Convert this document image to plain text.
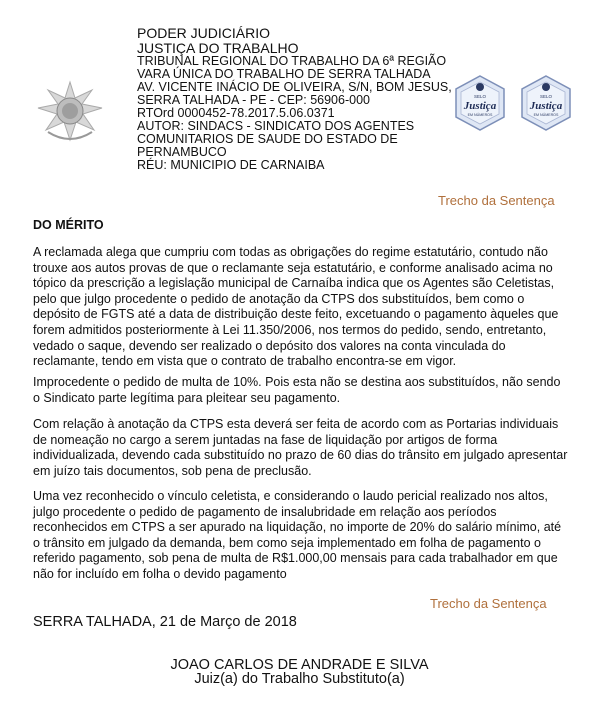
PODER JUDICIÁRIO
JUSTIÇA DO TRABALHO
TRIBUNAL REGIONAL DO TRABALHO DA 6ª REGIÃO
VARA ÚNICA DO TRABALHO DE SERRA TALHADA
AV. VICENTE INÁCIO DE OLIVEIRA, S/N, BOM JESUS,
SERRA TALHADA - PE - CEP: 56906-000
RTOrd 0000452-78.2017.5.06.0371
AUTOR: SINDACS - SINDICATO DOS AGENTES
COMUNITARIOS DE SAUDE DO ESTADO DE
PERNAMBUCO
RÉU: MUNICIPIO DE CARNAIBA
SELO
Justiça
EM NÚMEROS
SELO
Justiça
EM NÚMEROS
Trecho da Sentença
DO MÉRITO
A reclamada alega que cumpriu com todas as obrigações do regime estatutário, contudo não trouxe aos autos provas de que o reclamante seja estatutário, e conforme analisado acima no tópico da prescrição a legislação municipal de Carnaíba indica que os Agentes são Celetistas, pelo que julgo procedente o pedido de anotação da CTPS dos substituídos, bem como o depósito de FGTS até a data de distribuição deste feito, excetuando o pagamento àqueles que forem admitidos posteriormente à Lei 11.350/2006, nos termos do pedido, sendo, entretanto, vedado o saque, devendo ser realizado o depósito dos valores na conta vinculada do reclamante, tendo em vista que o contrato de trabalho encontra-se em vigor.
Improcedente o pedido de multa de 10%. Pois esta não se destina aos substituídos, não sendo o Sindicato parte legítima para pleitear seu pagamento.
Com relação à anotação da CTPS esta deverá ser feita de acordo com as Portarias individuais de nomeação no cargo a serem juntadas na fase de liquidação por artigos de forma individualizada, devendo cada substituído no prazo de 60 dias do trânsito em julgado apresentar em juízo tais documentos, sob pena de preclusão.
Uma vez reconhecido o vínculo celetista, e considerando o laudo pericial realizado nos altos, julgo procedente o pedido de pagamento de insalubridade em relação aos períodos reconhecidos em CTPS a ser apurado na liquidação, no importe de 20% do salário mínimo, até o trânsito em julgado da demanda, bem como seja implementado em folha de pagamento o referido pagamento, sob pena de multa de R$1.000,00 mensais para cada trabalhador em que não for incluído em folha o devido pagamento
Trecho da Sentença
SERRA TALHADA, 21 de Março de 2018
JOAO CARLOS DE ANDRADE E SILVA
Juiz(a) do Trabalho Substituto(a)
